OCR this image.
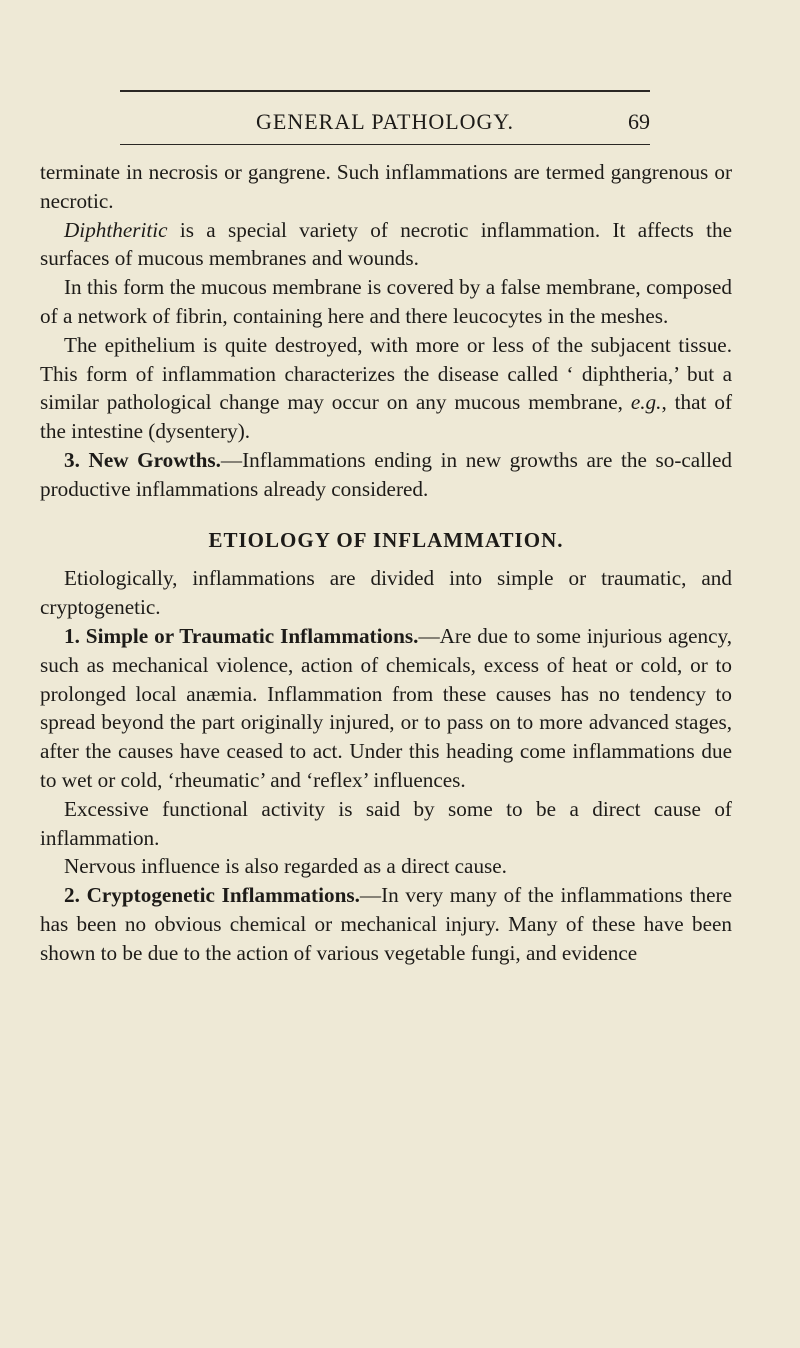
GENERAL PATHOLOGY.	69

terminate in necrosis or gangrene. Such inflammations are termed gangrenous or necrotic.

Diphtheritic is a special variety of necrotic inflammation. It affects the surfaces of mucous membranes and wounds.

In this form the mucous membrane is covered by a false membrane, composed of a network of fibrin, containing here and there leucocytes in the meshes.

The epithelium is quite destroyed, with more or less of the subjacent tissue. This form of inflammation characterizes the disease called ‘ diphtheria,’ but a similar pathological change may occur on any mucous membrane, e.g., that of the intestine (dysentery).

3. New Growths.—Inflammations ending in new growths are the so-called productive inflammations already considered.

ETIOLOGY OF INFLAMMATION.

Etiologically, inflammations are divided into simple or traumatic, and cryptogenetic.

1. Simple or Traumatic Inflammations.—Are due to some injurious agency, such as mechanical violence, action of chemicals, excess of heat or cold, or to prolonged local anæmia. Inflammation from these causes has no tendency to spread beyond the part originally injured, or to pass on to more advanced stages, after the causes have ceased to act. Under this heading come inflammations due to wet or cold, ‘rheumatic’ and ‘reflex’ influences.

Excessive functional activity is said by some to be a direct cause of inflammation.

Nervous influence is also regarded as a direct cause.

2. Cryptogenetic Inflammations.—In very many of the inflammations there has been no obvious chemical or mechanical injury. Many of these have been shown to be due to the action of various vegetable fungi, and evidence
